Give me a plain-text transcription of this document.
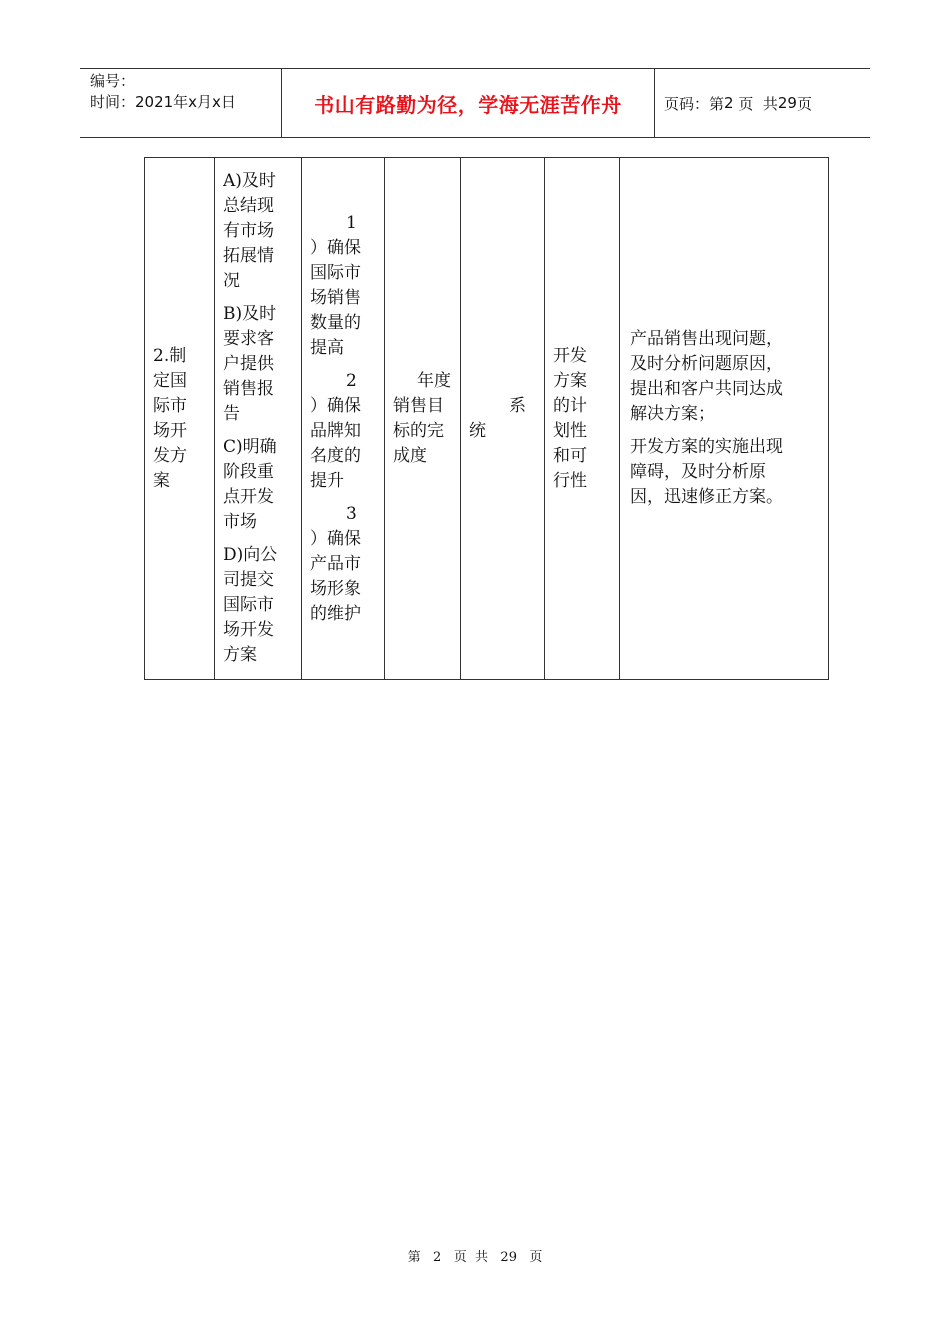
编号：
时间：2021年x月x日	书山有路勤为径，学海无涯苦作舟	页码：第 2
页  共 29 页
2.制
定国
际市
场开
发方
案

A)及时
总结现
有市场
拓展情
况
B)及时
要求客
户提供
销售报
告
C)明确
阶段重
点开发
市场
D)向公
司提交
国际市
场开发
方案

1
）确保
国际市
场销售
数量的
提高
2
）确保
品牌知
名度的
提升
3
）确保
产品市
场形象
的维护

年度
销售目
标的完
成度

系
统

开发
方案
的计
划性
和可
行性

产品销售出现问题，
及时分析问题原因，
提出和客户共同达成
解决方案；
开发方案的实施出现
障碍，及时分析原
因，迅速修正方案。
第 2 页  共 29 页
